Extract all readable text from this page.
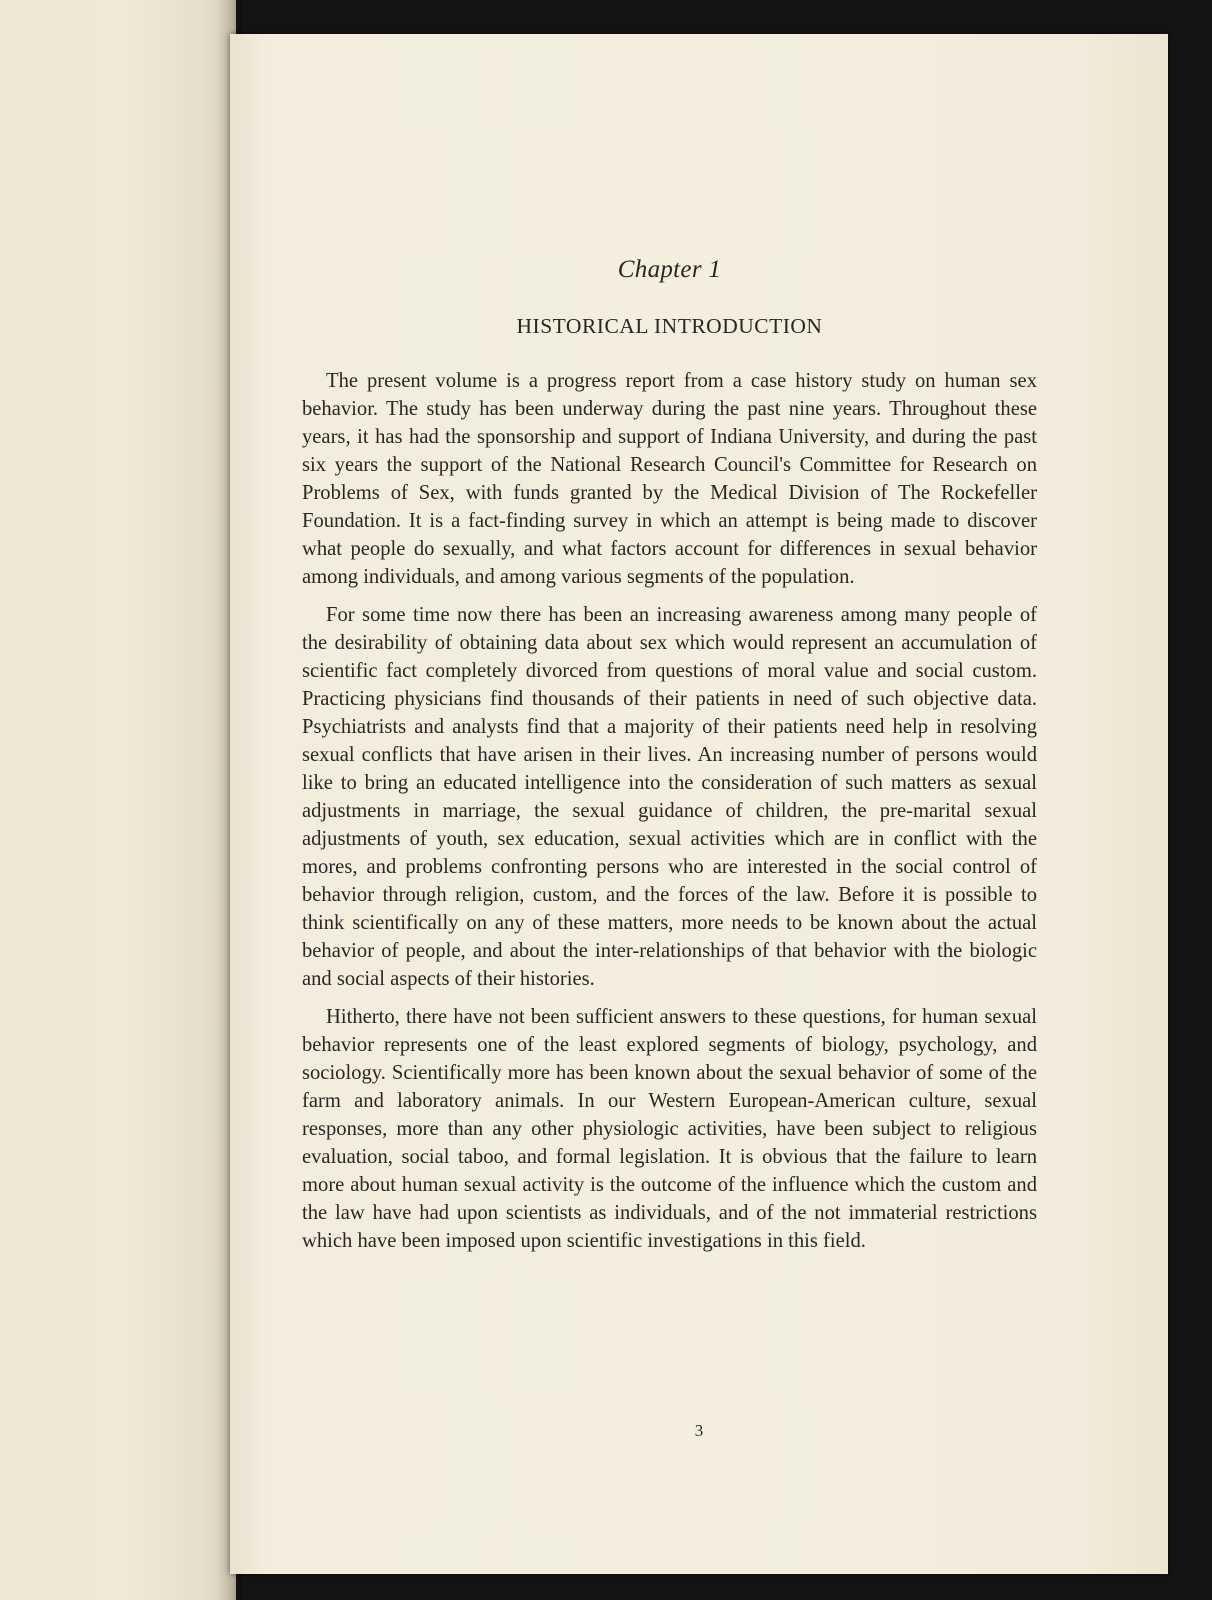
Chapter 1
HISTORICAL INTRODUCTION

The present volume is a progress report from a case history study on human sex behavior. The study has been underway during the past nine years. Throughout these years, it has had the sponsorship and support of Indiana University, and during the past six years the support of the National Research Council's Committee for Research on Problems of Sex, with funds granted by the Medical Division of The Rockefeller Foundation. It is a fact-finding survey in which an attempt is being made to discover what people do sexually, and what factors account for differences in sexual behavior among individuals, and among various segments of the population.

For some time now there has been an increasing awareness among many people of the desirability of obtaining data about sex which would represent an accumulation of scientific fact completely divorced from questions of moral value and social custom. Practicing physicians find thousands of their patients in need of such objective data. Psychiatrists and analysts find that a majority of their patients need help in resolving sexual conflicts that have arisen in their lives. An increasing number of persons would like to bring an educated intelligence into the consideration of such matters as sexual adjustments in marriage, the sexual guidance of children, the pre-marital sexual adjustments of youth, sex education, sexual activities which are in conflict with the mores, and problems confronting persons who are interested in the social control of behavior through religion, custom, and the forces of the law. Before it is possible to think scientifically on any of these matters, more needs to be known about the actual behavior of people, and about the inter-relationships of that behavior with the biologic and social aspects of their histories.

Hitherto, there have not been sufficient answers to these questions, for human sexual behavior represents one of the least explored segments of biology, psychology, and sociology. Scientifically more has been known about the sexual behavior of some of the farm and laboratory animals. In our Western European-American culture, sexual responses, more than any other physiologic activities, have been subject to religious evaluation, social taboo, and formal legislation. It is obvious that the failure to learn more about human sexual activity is the outcome of the influence which the custom and the law have had upon scientists as individuals, and of the not immaterial restrictions which have been imposed upon scientific investigations in this field.

3
